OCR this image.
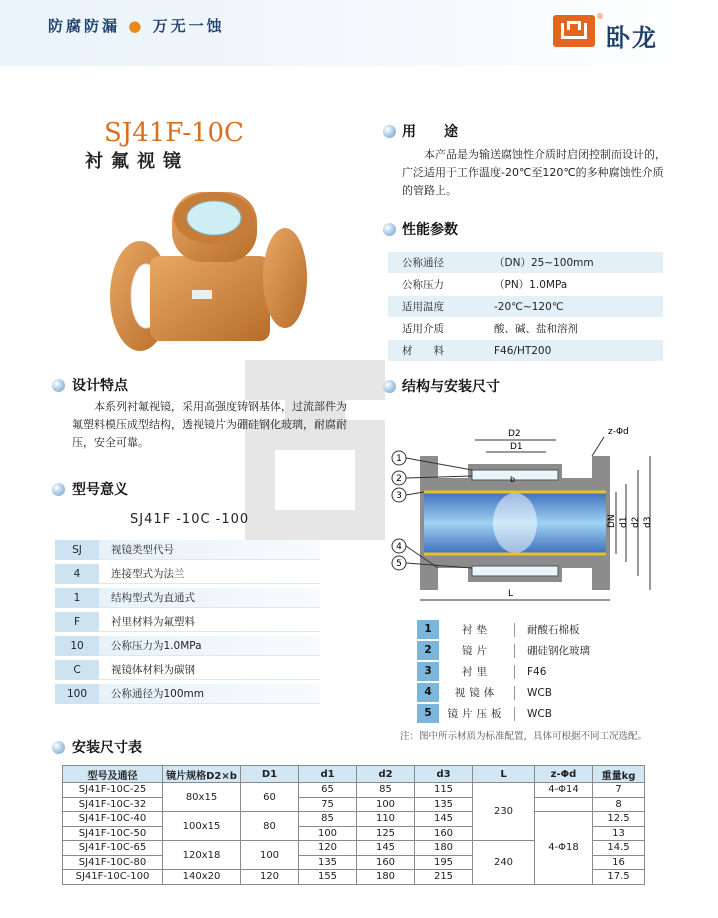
防腐防漏 ● 万无一蚀
®
卧龙
SJ41F-10C
衬氟视镜
用　　途
本产品是为输送腐蚀性介质时启闭控制而设计的，广泛适用于工作温度-20℃至120℃的多种腐蚀性介质的管路上。
性能参数
公称通径	（DN）25~100mm
公称压力	（PN）1.0MPa
适用温度	-20℃~120℃
适用介质	酸、碱、盐和溶剂
材　　料	F46/HT200
设计特点
本系列衬氟视镜，采用高强度铸钢基体，过流部件为氟塑料模压成型结构，透视镜片为硼硅钢化玻璃，耐腐耐压，安全可靠。
型号意义
SJ41F -10C -100
SJ	视镜类型代号
4	连接型式为法兰
1	结构型式为直通式
F	衬里材料为氟塑料
10	公称压力为1.0MPa
C	视镜体材料为碳钢
100	公称通径为100mm
结构与安装尺寸
D2
D1
z-Φd
b
DN d1 d2 d3
L
1
2
3
4
5
1	衬垫	耐酸石棉板
2	镜片	硼硅钢化玻璃
3	衬里	F46
4	视镜体	WCB
5	镜片压板	WCB
注：图中所示材质为标准配置，具体可根据不同工况选配。
安装尺寸表
型号及通径	镜片规格D2×b	D1	d1	d2	d3	L	z-Φd	重量kg
SJ41F-10C-25	80x15	60	65	85	115	230	4-Φ14	7
SJ41F-10C-32			75	100	135			8
SJ41F-10C-40	100x15	80	85	110	145		4-Φ18	12.5
SJ41F-10C-50			100	125	160			13
SJ41F-10C-65	120x18	100	120	145	180	240		14.5
SJ41F-10C-80			135	160	195			16
SJ41F-10C-100	140x20	120	155	180	215			17.5
